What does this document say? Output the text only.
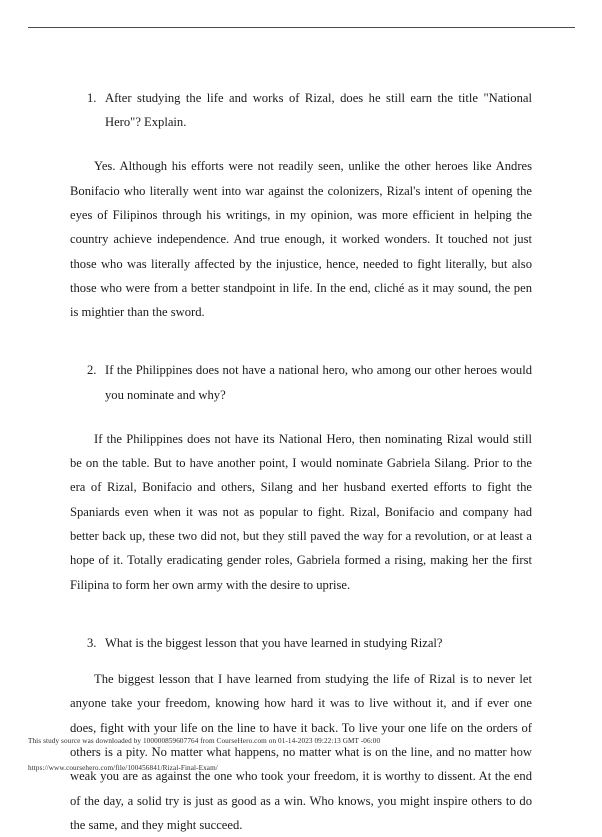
1. After studying the life and works of Rizal, does he still earn the title "National Hero"? Explain.

Yes. Although his efforts were not readily seen, unlike the other heroes like Andres Bonifacio who literally went into war against the colonizers, Rizal's intent of opening the eyes of Filipinos through his writings, in my opinion, was more efficient in helping the country achieve independence. And true enough, it worked wonders. It touched not just those who was literally affected by the injustice, hence, needed to fight literally, but also those who were from a better standpoint in life. In the end, cliché as it may sound, the pen is mightier than the sword.

2. If the Philippines does not have a national hero, who among our other heroes would you nominate and why?

If the Philippines does not have its National Hero, then nominating Rizal would still be on the table. But to have another point, I would nominate Gabriela Silang. Prior to the era of Rizal, Bonifacio and others, Silang and her husband exerted efforts to fight the Spaniards even when it was not as popular to fight. Rizal, Bonifacio and company had better back up, these two did not, but they still paved the way for a revolution, or at least a hope of it. Totally eradicating gender roles, Gabriela formed a rising, making her the first Filipina to form her own army with the desire to uprise.

3. What is the biggest lesson that you have learned in studying Rizal?

The biggest lesson that I have learned from studying the life of Rizal is to never let anyone take your freedom, knowing how hard it was to live without it, and if ever one does, fight with your life on the line to have it back. To live your one life on the orders of others is a pity. No matter what happens, no matter what is on the line, and no matter how weak you are as against the one who took your freedom, it is worthy to dissent. At the end of the day, a solid try is just as good as a win. Who knows, you might inspire others to do the same, and they might succeed.

This study source was downloaded by 100000859607764 from CourseHero.com on 01-14-2023 09:22:13 GMT -06:00
https://www.coursehero.com/file/100456841/Rizal-Final-Exam/
